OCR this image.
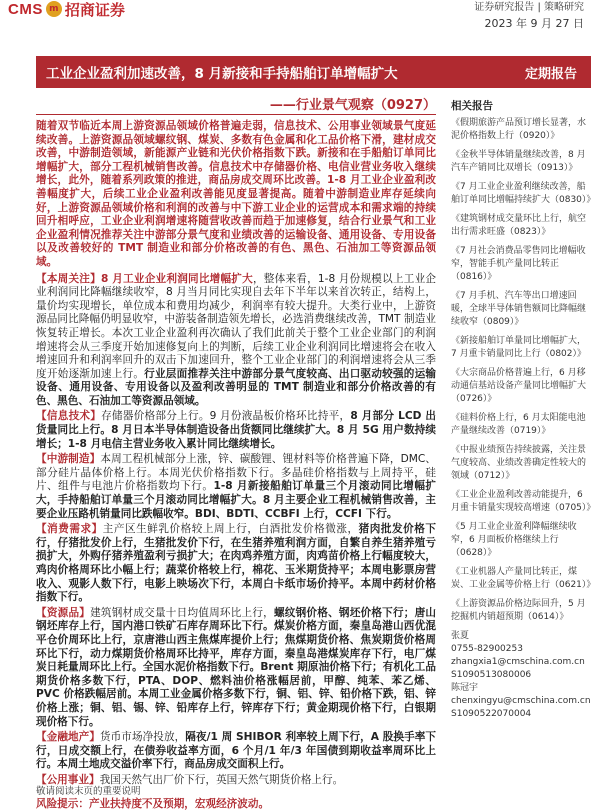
CMS m 招商证券	证券研究报告 | 策略研究
2023 年 9 月 27 日
工业企业盈利加速改善，8 月新接和手持船舶订单增幅扩大	定期报告
——行业景气观察（0927）

随着双节临近本周上游资源品领域价格普遍走弱，信息技术、公用事业领域景气度延续改善。上游资源品领域螺纹钢、煤炭、多数有色金属和化工品价格下滑，建材成交改善，中游制造领域，新能源产业链和光伏价格指数下跌。新接和在手船舶订单同比增幅扩大，部分工程机械销售改善。信息技术中存储器价格、电信业营业务收入继续增长，此外，随着系列政策的推进，商品房成交周环比改善。1-8 月工业企业盈利改善幅度扩大，后续工业企业盈利改善能见度显著提高。随着中游制造业库存延续向好，上游资源品领域价格和利润的改善与中下游工业企业的运营成本和需求端的持续回升相呼应，工业企业利润增速将随营收改善而趋于加速修复，结合行业景气和工业企业盈利情况推荐关注中游部分景气度和业绩改善的运输设备、通用设备、专用设备以及改善较好的 TMT 制造业和部分价格改善的有色、黑色、石油加工等资源品领域。

【本周关注】8 月工业企业利润同比增幅扩大，整体来看，1-8 月份规模以上工业企业利润同比降幅继续收窄，8 月当月同比实现自去年下半年以来首次转正，结构上，量价均实现增长，单位成本和费用均减少，利润率有较大提升。大类行业中，上游资源品同比降幅仍明显收窄，中游装备制造领先增长，必选消费继续改善，TMT 制造业恢复转正增长。本次工业企业盈利再次确认了我们此前关于整个工业企业部门的利润增速将会从三季度开始加速修复向上的判断，后续工业企业利润同比增速将会在收入增速回升和利润率回升的双击下加速回升，整个工业企业部门的利润增速将会从三季度开始逐渐加速上行。行业层面推荐关注中游部分景气度较高、出口驱动较强的运输设备、通用设备、专用设备以及盈利改善明显的 TMT 制造业和部分价格改善的有色、黑色、石油加工等资源品领域。

【信息技术】存储器价格部分上行。9 月份液晶板价格环比持平，8 月部分 LCD 出货量同比上行。8 月日本半导体制造设备出货额同比继续扩大。8 月 5G 用户数持续增长；1-8 月电信主营业务收入累计同比继续增长。

【中游制造】本周工程机械部分上涨，锌、碳酸锂、锂材料等价格普遍下降，DMC、部分硅片晶体价格上行。本周光伏价格指数下行。多晶硅价格指数与上周持平，硅片、组件与电池片价格指数均下行。1-8 月新接船舶订单量三个月滚动同比增幅扩大，手持船舶订单量三个月滚动同比增幅扩大。8 月主要企业工程机械销售改善，主要企业压路机销量同比跌幅收窄。BDI、BDTI、CCBFI 上行，CCFI 下行。

【消费需求】主产区生鲜乳价格较上周上行，白酒批发价格微涨，猪肉批发价格下行，仔猪批发价上行，生猪批发价下行，在生猪养殖利润方面，自繁自养生猪养殖亏损扩大，外购仔猪养殖盈利亏损扩大；在肉鸡养殖方面，肉鸡苗价格上行幅度较大，鸡肉价格周环比小幅上行；蔬菜价格较上行，棉花、玉米期货持平；本周电影票房营收入、观影人数下行，电影上映场次下行，本周白卡纸市场价持平。本周中药材价格指数下行。

【资源品】建筑钢材成交量十日均值周环比上行，螺纹钢价格、钢坯价格下行；唐山钢坯库存上行，国内港口铁矿石库存周环比下行。煤炭价格方面，秦皇岛港山西优混平仓价周环比上行，京唐港山西主焦煤库提价上行；焦煤期货价格、焦炭期货价格周环比下行，动力煤期货价格周环比持平，库存方面，秦皇岛港煤炭库存下行，电厂煤炭日耗量周环比上行。全国水泥价格指数下行。Brent 期原油价格下行；有机化工品期货价格多数下行，PTA、DOP、燃料油价格涨幅居前，甲醇、纯苯、苯乙烯、PVC 价格跌幅居前。本周工业金属价格多数下行，铜、铝、锌、铅价格下跌，铝、锌价格上涨；铜、铝、锡、锌、铅库存上行，锌库存下行；黄金期现价格下行，白银期现价格下行。

【金融地产】货币市场净投放，隔夜/1 周 SHIBOR 利率较上周下行，A 股换手率下行，日成交额上行，在债券收益率方面，6 个月/1 年/3 年国债到期收益率周环比上行。本周土地成交溢价率下行，商品房成交面积上行。

【公用事业】我国天然气出厂价下行，英国天然气期货价格上行。

风险提示：产业扶持度不及预期，宏观经济波动。

相关报告
《假期旅游产品预订增长显著，水泥价格指数上行（0920）》
《金秋半导体销量继续改善，8 月汽车产销同比双增长（0913）》
《7 月工业企业盈利继续改善，船舶订单同比增幅持续扩大（0830）》
《建筑钢材成交量环比上行，航空出行需求旺盛（0823）》
《7 月社会消费品零售同比增幅收窄，智能手机产量同比转正（0816）》
《7 月手机、汽车等出口增速回暖，全球半导体销售额同比降幅继续收窄（0809）》
《新接船舶订单量同比增幅扩大，7 月重卡销量同比上行（0802）》
《大宗商品价格普遍上行，6 月移动通信基站设备产量同比增幅扩大（0726）》
《硅料价格上行，6 月太阳能电池产量继续改善（0719）》
《中报业绩预告持续披露，关注景气度较高、业绩改善确定性较大的领域（0712）》
《工业企业盈利改善动能提升，6 月重卡销量实现较高增速（0705）》
《5 月工业企业盈利降幅继续收窄，6 月面板价格继续上行（0628）》
《工业机器人产量同比转正，煤炭、工业金属等价格上行（0621）》
《上游资源品价格边际回升，5 月挖掘机内销超预期（0614）》
张夏
0755-82900253
zhangxia1@cmschina.com.cn
S1090513080006
陈冠宇
chenxingyu@cmschina.com.cn
S1090522070004
敬请阅读末页的重要说明
